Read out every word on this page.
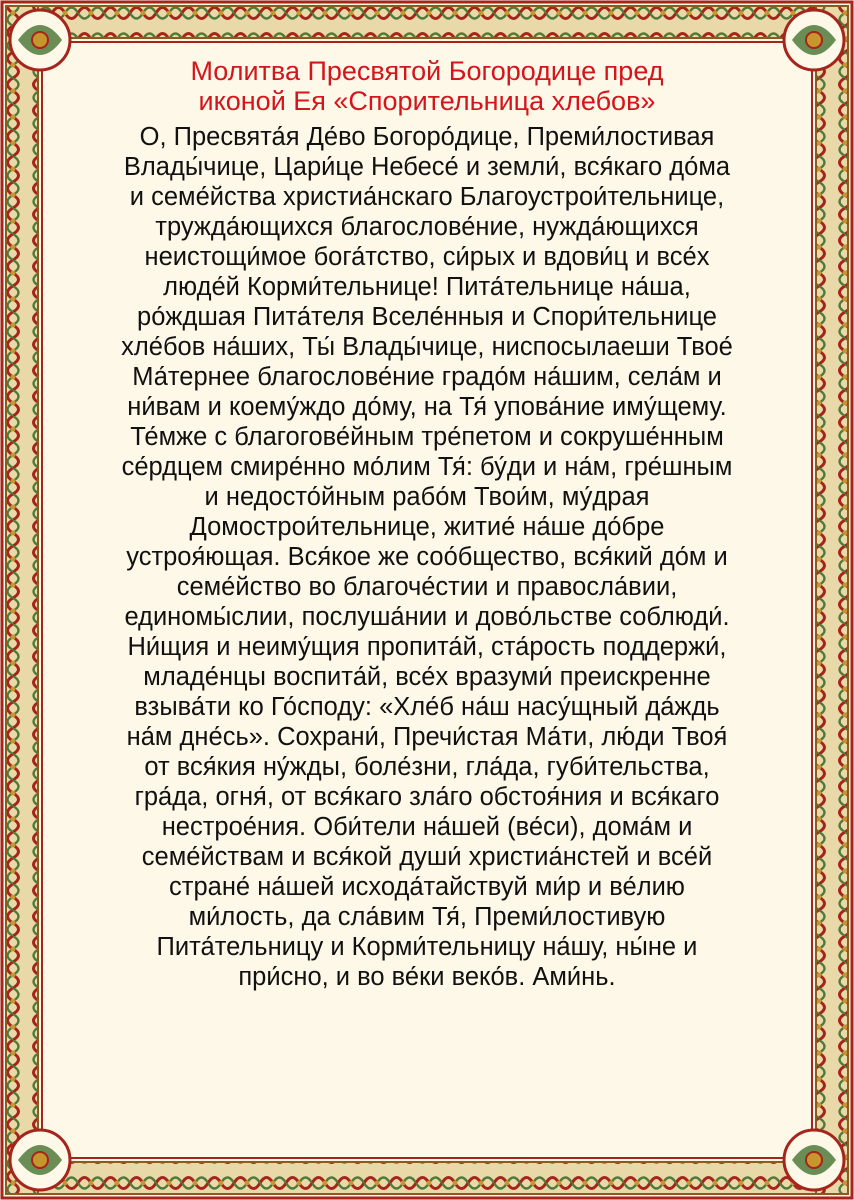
Молитва Пресвятой Богородице пред
иконой Ея «Спорительница хлебов»
О, Пресвята́я Де́во Богоро́дице, Преми́лостивая
Влады́чице, Цари́це Небесе́ и земли́, вся́каго до́ма
и семе́йства христиа́нскаго Благоустрои́тельнице,
тружда́ющихся благослове́ние, нужда́ющихся
неистощи́мое бога́тство, си́рых и вдови́ц и все́х
люде́й Корми́тельнице! Пита́тельнице на́ша,
ро́ждшая Пита́теля Вселе́нныя и Спори́тельнице
хле́бов на́ших, Ты́ Влады́чице, ниспосылаеши Твое́
Ма́тернее благослове́ние градо́м на́шим, села́м и
ни́вам и коему́ждо до́му, на Тя́ упова́ние иму́щему.
Те́мже с благогове́йным тре́петом и сокруше́нным
се́рдцем смире́нно мо́лим Тя́: бу́ди и на́м, гре́шным
и недосто́йным рабо́м Твои́м, му́драя
Домострои́тельнице, житие́ на́ше до́бре
устроя́ющая. Вся́кое же соо́бщество, вся́кий до́м и
семе́йство во благоче́стии и правосла́вии,
единомы́слии, послуша́нии и дово́льстве соблюди́.
Ни́щия и неиму́щия пропита́й, ста́рость поддержи́,
младе́нцы воспита́й, все́х вразуми́ преискренне
взыва́ти ко Го́споду: «Хле́б на́ш насу́щный да́ждь
на́м дне́сь». Сохрани́, Пречи́стая Ма́ти, лю́ди Твоя́
от вся́кия ну́жды, боле́зни, гла́да, губи́тельства,
гра́да, огня́, от вся́каго зла́го обстоя́ния и вся́каго
нестрое́ния. Оби́тели на́шей (ве́си), дома́м и
семе́йствам и вся́кой души́ христиа́нстей и все́й
стране́ на́шей исхода́тайствуй ми́р и ве́лию
ми́лость, да сла́вим Тя́, Преми́лостивую
Пита́тельницу и Корми́тельницу на́шу, ны́не и
при́сно, и во ве́ки веко́в. Ами́нь.
